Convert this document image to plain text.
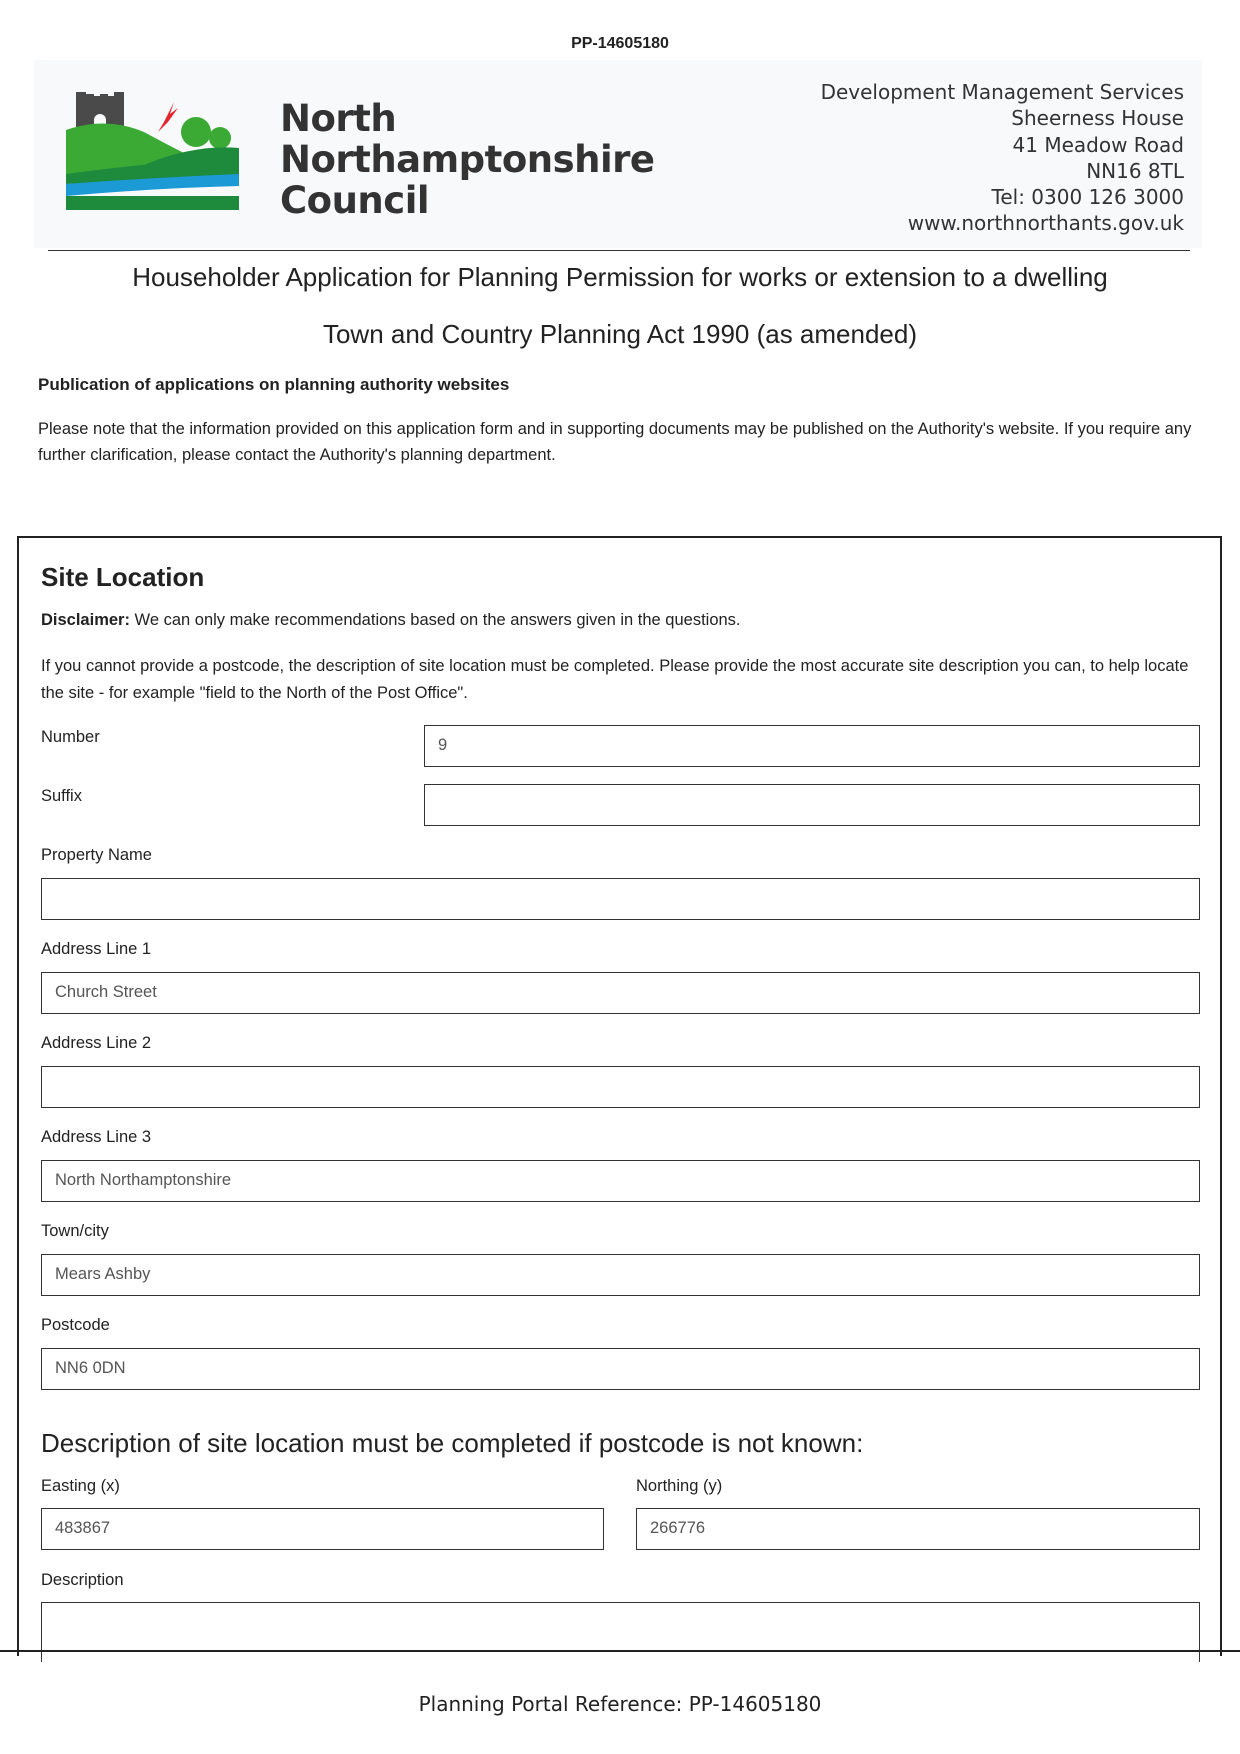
PP-14605180
North
Northamptonshire
Council
Development Management Services
Sheerness House
41 Meadow Road
NN16 8TL
Tel: 0300 126 3000
www.northnorthants.gov.uk
Householder Application for Planning Permission for works or extension to a dwelling
Town and Country Planning Act 1990 (as amended)
Publication of applications on planning authority websites
Please note that the information provided on this application form and in supporting documents may be published on the Authority's website. If you require any further clarification, please contact the Authority's planning department.
Site Location
Disclaimer: We can only make recommendations based on the answers given in the questions.
If you cannot provide a postcode, the description of site location must be completed. Please provide the most accurate site description you can, to help locate the site - for example "field to the North of the Post Office".
Number	9
Suffix
Property Name
Address Line 1
Church Street
Address Line 2
Address Line 3
North Northamptonshire
Town/city
Mears Ashby
Postcode
NN6 0DN
Description of site location must be completed if postcode is not known:
Easting (x)
483867
Northing (y)
266776
Description
Planning Portal Reference: PP-14605180
